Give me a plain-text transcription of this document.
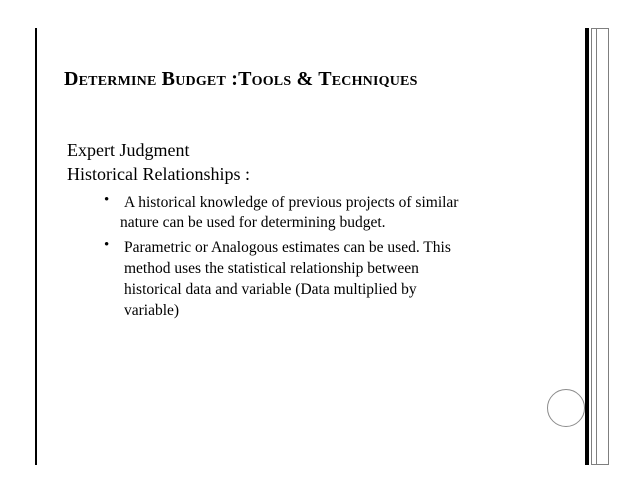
Determine Budget :Tools & Techniques
Expert Judgment
Historical Relationships :
• A historical knowledge of previous projects of similar
nature can be used for determining budget.
• Parametric or Analogous estimates can be used. This
method uses the statistical relationship between
historical data and variable (Data multiplied by
variable)
